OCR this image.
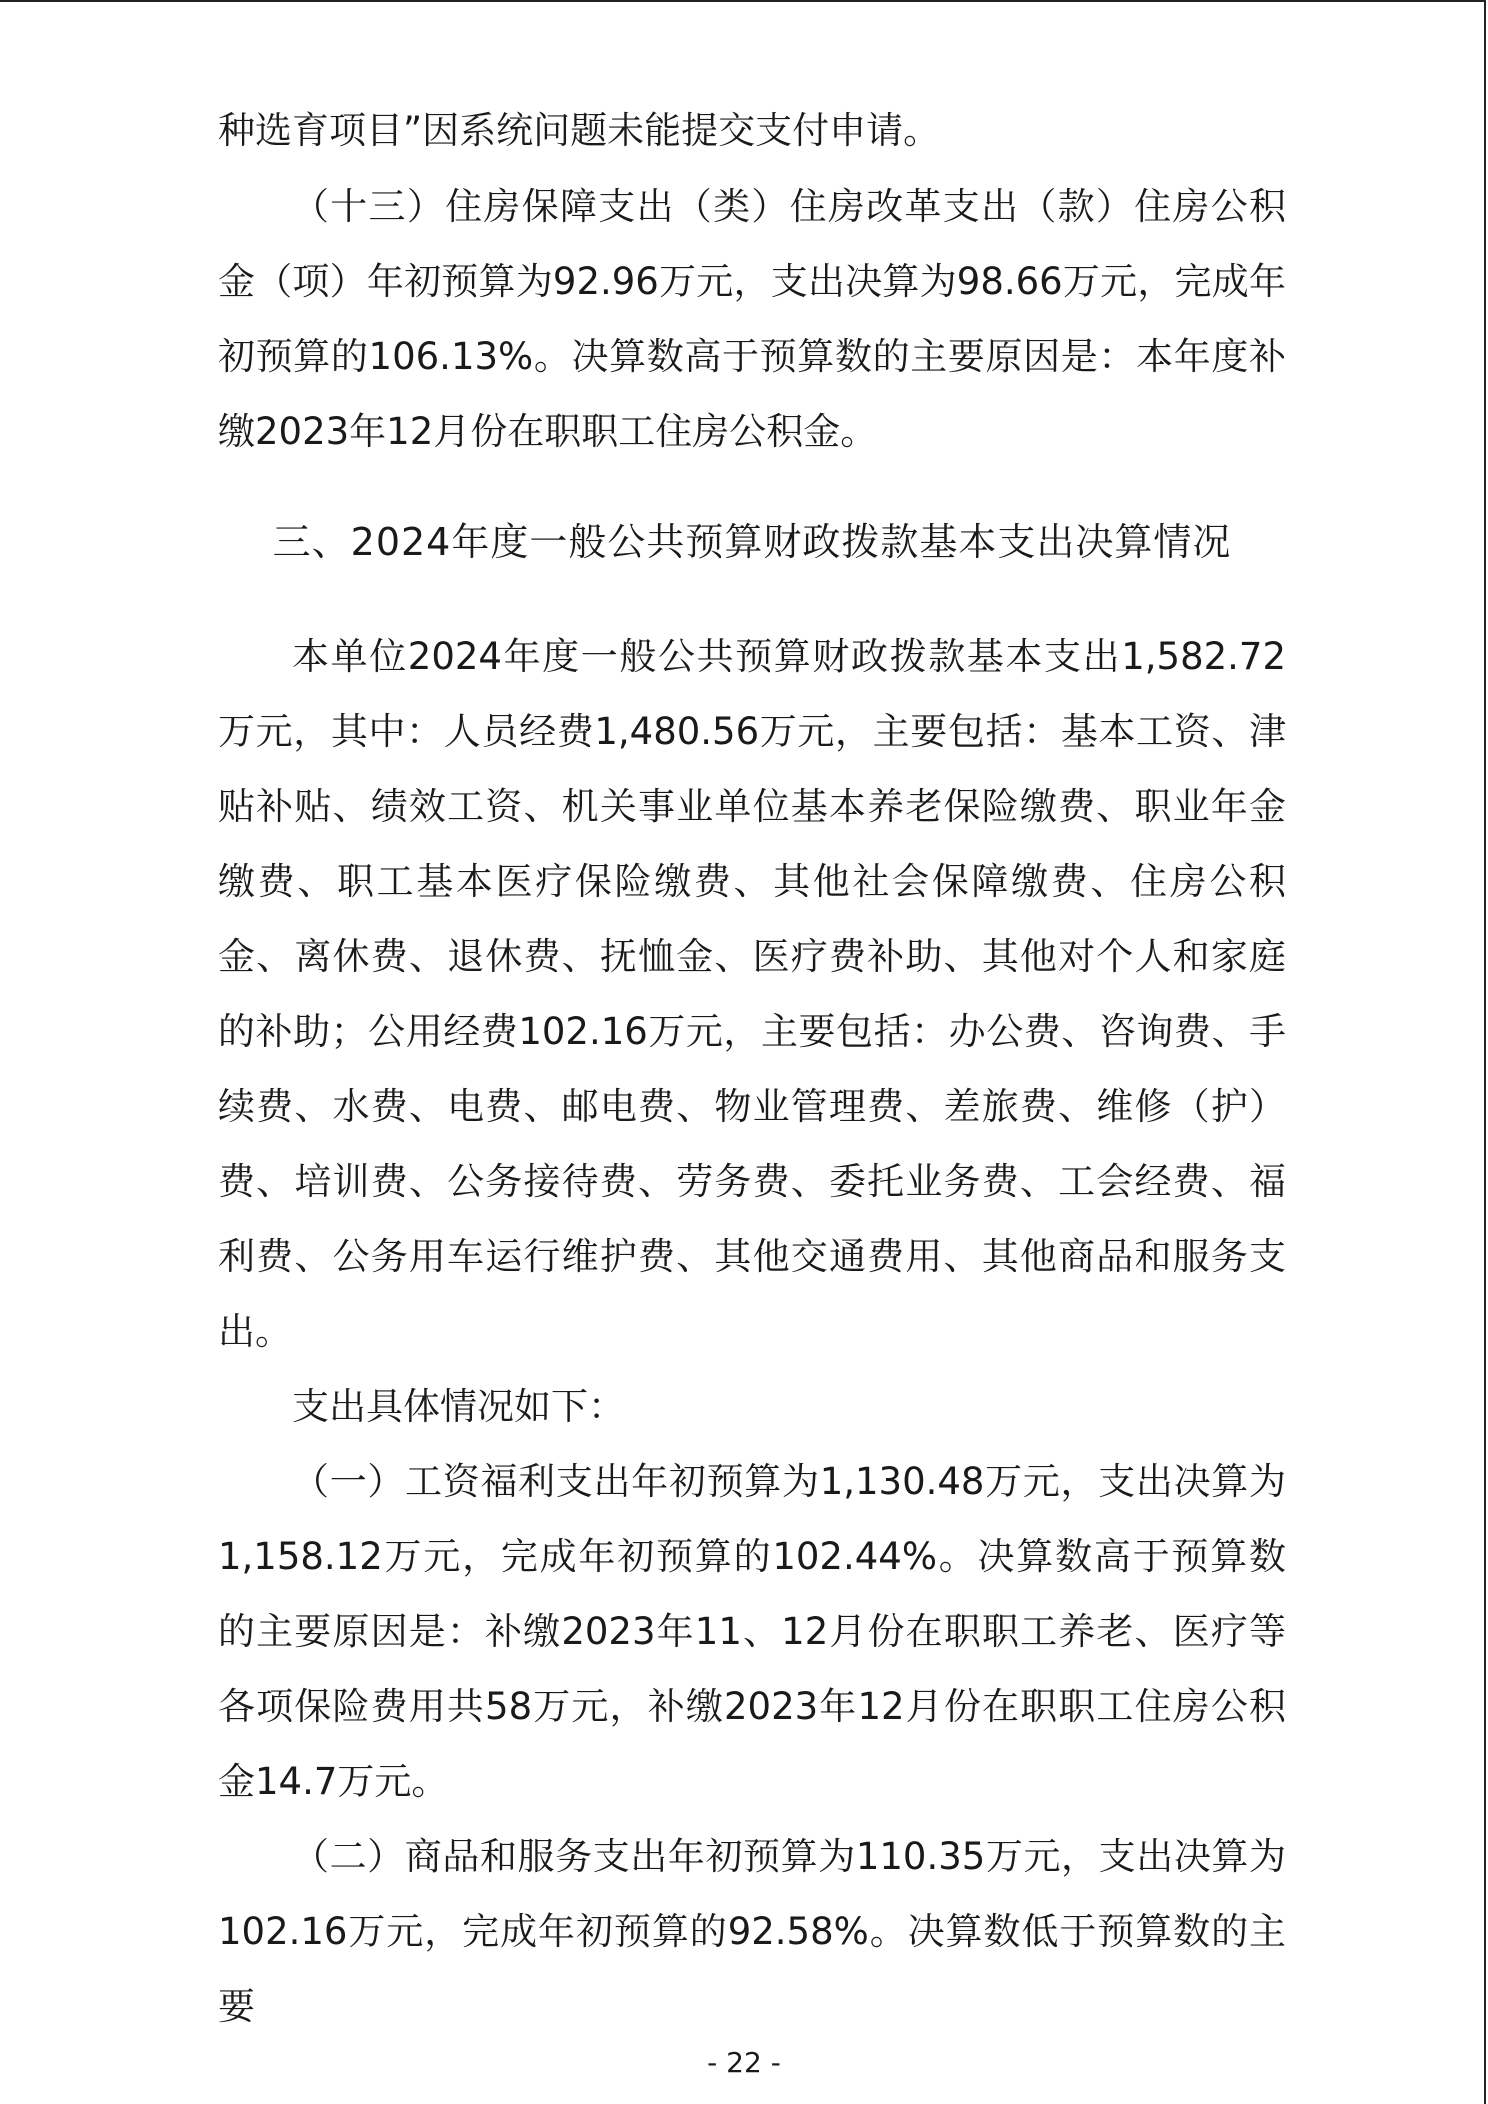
种选育项目”因系统问题未能提交支付申请。

（十三）住房保障支出（类）住房改革支出（款）住房公积金（项）年初预算为92.96万元，支出决算为98.66万元，完成年初预算的106.13%。决算数高于预算数的主要原因是：本年度补缴2023年12月份在职职工住房公积金。

三、2024年度一般公共预算财政拨款基本支出决算情况

本单位2024年度一般公共预算财政拨款基本支出1,582.72万元，其中：人员经费1,480.56万元，主要包括：基本工资、津贴补贴、绩效工资、机关事业单位基本养老保险缴费、职业年金缴费、职工基本医疗保险缴费、其他社会保障缴费、住房公积金、离休费、退休费、抚恤金、医疗费补助、其他对个人和家庭的补助；公用经费102.16万元，主要包括：办公费、咨询费、手续费、水费、电费、邮电费、物业管理费、差旅费、维修（护）费、培训费、公务接待费、劳务费、委托业务费、工会经费、福利费、公务用车运行维护费、其他交通费用、其他商品和服务支出。

支出具体情况如下：

（一）工资福利支出年初预算为1,130.48万元，支出决算为1,158.12万元，完成年初预算的102.44%。决算数高于预算数的主要原因是：补缴2023年11、12月份在职职工养老、医疗等各项保险费用共58万元，补缴2023年12月份在职职工住房公积金14.7万元。

（二）商品和服务支出年初预算为110.35万元，支出决算为102.16万元，完成年初预算的92.58%。决算数低于预算数的主要

- 22 -
